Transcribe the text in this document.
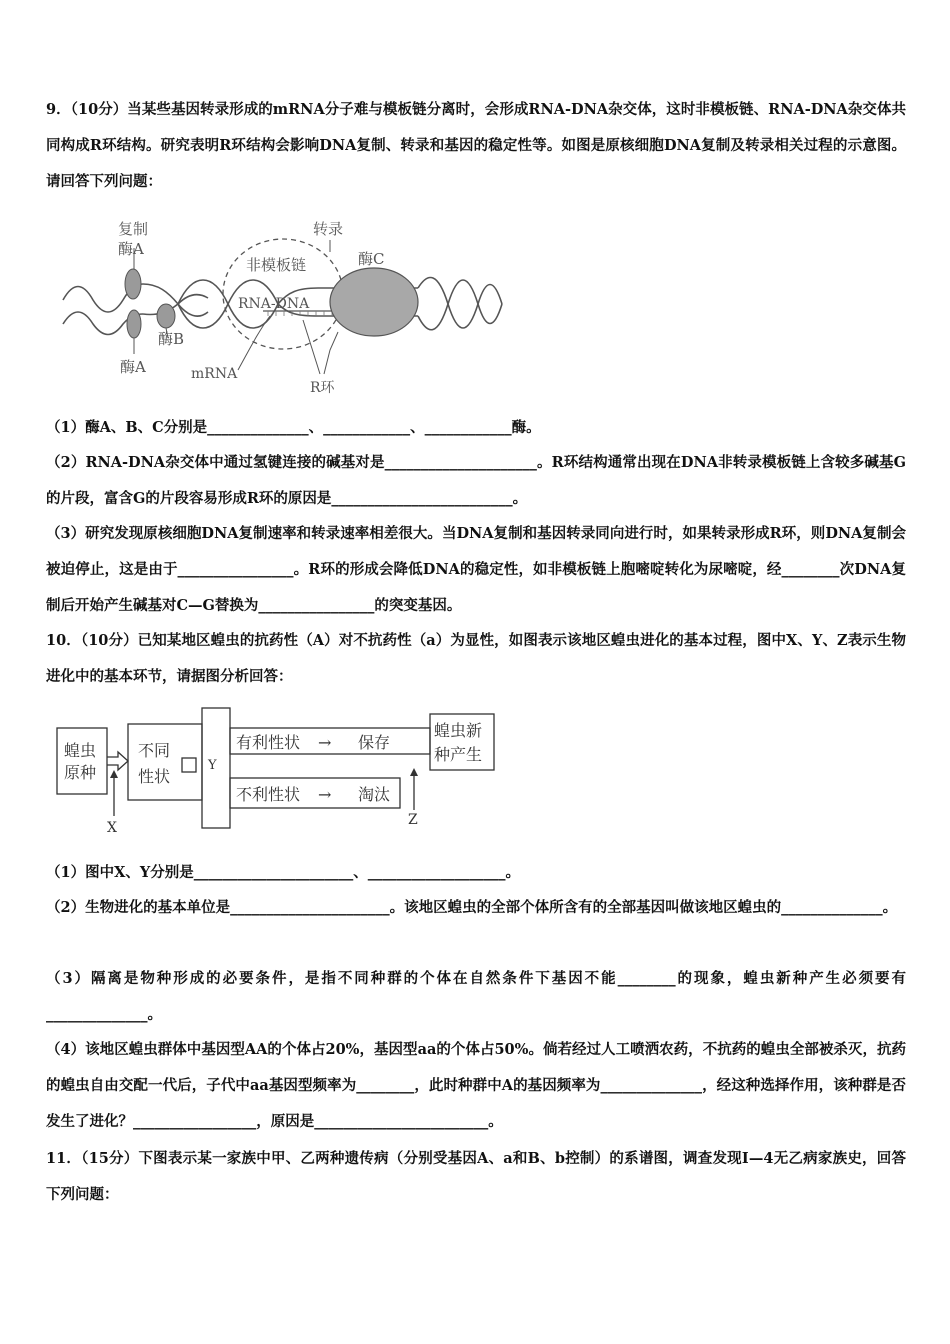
9．（10分）当某些基因转录形成的mRNA分子难与模板链分离时，会形成RNA-DNA杂交体，这时非模板链、RNA-DNA杂交体共同构成R环结构。研究表明R环结构会影响DNA复制、转录和基因的稳定性等。如图是原核细胞DNA复制及转录相关过程的示意图。请回答下列问题：

复制
酶A
酶A
酶B
转录
非模板链
RNA-DNA
酶C
mRNA
R环

（1）酶A、B、C分别是______________、____________、____________酶。

（2）RNA-DNA杂交体中通过氢键连接的碱基对是_____________________。R环结构通常出现在DNA非转录模板链上含较多碱基G的片段，富含G的片段容易形成R环的原因是_________________________。

（3）研究发现原核细胞DNA复制速率和转录速率相差很大。当DNA复制和基因转录同向进行时，如果转录形成R环，则DNA复制会被迫停止，这是由于________________。R环的形成会降低DNA的稳定性，如非模板链上胞嘧啶转化为尿嘧啶，经________次DNA复制后开始产生碱基对C—G替换为________________的突变基因。

10．（10分）已知某地区蝗虫的抗药性（A）对不抗药性（a）为显性，如图表示该地区蝗虫进化的基本过程，图中X、Y、Z表示生物进化中的基本环节，请据图分析回答：

蝗虫
原种
不同
性状
Y
有利性状 → 保存
不利性状 → 淘汰
蝗虫新
种产生
X	Z

（1）图中X、Y分别是______________________、___________________。

（2）生物进化的基本单位是______________________。该地区蝗虫的全部个体所含有的全部基因叫做该地区蝗虫的______________。

（3）隔离是物种形成的必要条件，是指不同种群的个体在自然条件下基因不能________的现象，蝗虫新种产生必须要有______________。

（4）该地区蝗虫群体中基因型AA的个体占20%，基因型aa的个体占50%。倘若经过人工喷洒农药，不抗药的蝗虫全部被杀灭，抗药的蝗虫自由交配一代后，子代中aa基因型频率为________，此时种群中A的基因频率为______________，经这种选择作用，该种群是否发生了进化？_________________，原因是________________________。

11．（15分）下图表示某一家族中甲、乙两种遗传病（分别受基因A、a和B、b控制）的系谱图，调查发现Ⅰ—4无乙病家族史，回答下列问题：
